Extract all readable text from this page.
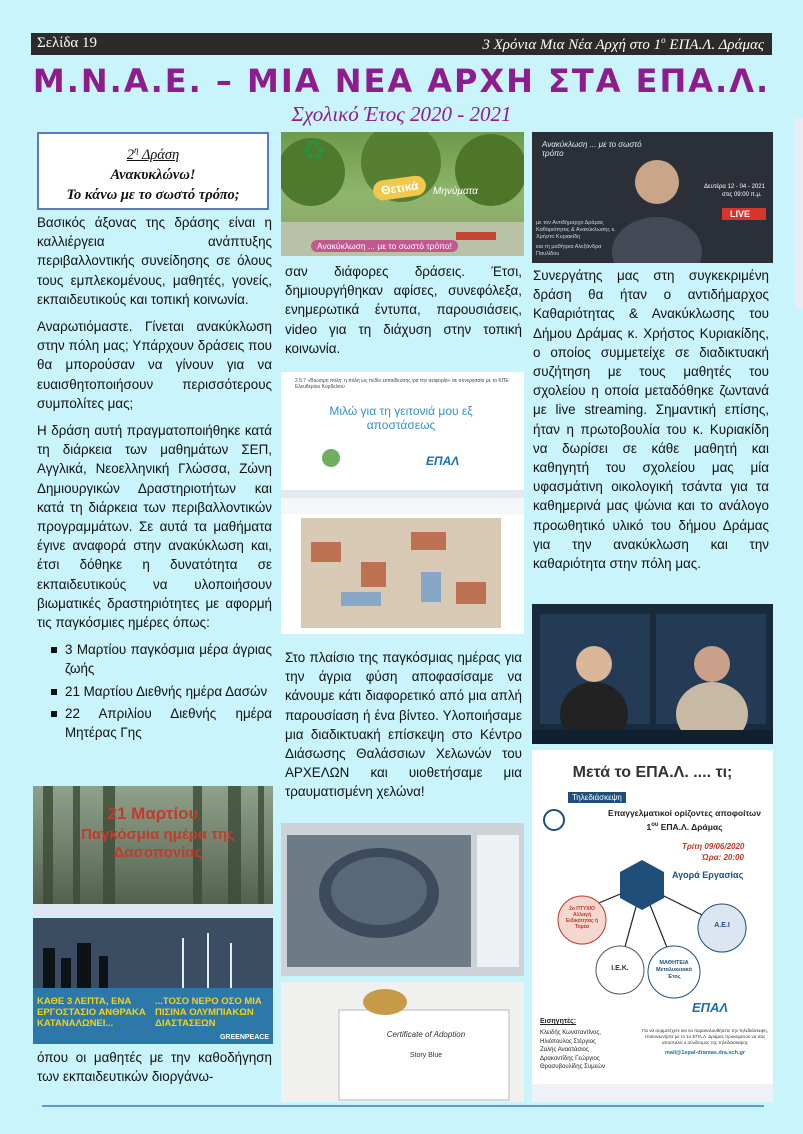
Σελίδα 19	3 Χρόνια Μια Νέα Αρχή στο $1^o$ ΕΠΑ.Λ. Δράμας
Μ.Ν.Α.Ε. – ΜΙΑ ΝΕΑ ΑΡΧΗ ΣΤΑ ΕΠΑ.Λ.
Σχολικό Έτος 2020 - 2021
$2^\eta$ Δράση
Ανακυκλώνω!
Το κάνω με το σωστό τρόπο;

Βασικός άξονας της δράσης είναι η καλλιέργεια ανάπτυξης περιβαλλοντικής συνείδησης σε όλους τους εμπλεκομένους, μαθητές, γονείς, εκπαιδευτικούς και τοπική κοινωνία.

Αναρωτιόμαστε. Γίνεται ανακύκλωση στην πόλη μας; Υπάρχουν δράσεις που θα μπορούσαν να γίνουν για να ευαισθητοποιήσουν περισσότερους συμπολίτες μας;

Η δράση αυτή πραγματοποιήθηκε κατά τη διάρκεια των μαθημάτων ΣΕΠ, Αγγλικά, Νεοελληνική Γλώσσα, Ζώνη Δημιουργικών Δραστηριοτήτων και κατά τη διάρκεια των περιβαλλοντικών προγραμμάτων. Σε αυτά τα μαθήματα έγινε αναφορά στην ανακύκλωση και, έτσι δόθηκε η δυνατότητα σε εκπαιδευτικούς να υλοποιήσουν βιωματικές δραστηριότητες με αφορμή τις παγκόσμιες ημέρες όπως:

3 Μαρτίου παγκόσμια μέρα άγριας ζωής
21 Μαρτίου Διεθνής ημέρα Δασών
22 Απριλίου Διεθνής ημέρα Μητέρας Γης
21 Μαρτίου
Παγκόσμια ημέρα της Δασοπονίας
ΚΑΘΕ 3 ΛΕΠΤΑ, ΕΝΑ ΕΡΓΟΣΤΑΣΙΟ ΑΝΘΡΑΚΑ ΚΑΤΑΝΑΛΩΝΕΙ...
...ΤΟΣΟ ΝΕΡΟ ΟΣΟ ΜΙΑ ΠΙΣΙΝΑ ΟΛΥΜΠΙΑΚΩΝ ΔΙΑΣΤΑΣΕΩΝ
GREENPEACE

όπου οι μαθητές με την καθοδήγηση των εκπαιδευτικών διοργάνω-

♻
Θετικά	Μηνύματα
Ανακύκλωση ... με το σωστό τρόπο!

σαν διάφορες δράσεις. Έτσι, δημιουργήθηκαν αφίσες, συνεφόλεξα, ενημερωτικά έντυπα, παρουσιάσεις, video για τη διάχυση στην τοπική κοινωνία.

2.5.7 «Βιώσιμη πόλη: η πόλη ως πεδίο εκπαίδευσης για την αειφορία» σε συνεργασία με το ΚΠΕ Ελευθερίου Κορδελιού
Μιλώ για τη γειτονιά μου εξ αποστάσεως
ΕΠΑΛ

Στο πλαίσιο της παγκόσμιας ημέρας για την άγρια φύση αποφασίσαμε να κάνουμε κάτι διαφορετικό από μια απλή παρουσίαση ή ένα βίντεο. Υλοποιήσαμε μια διαδικτυακή επίσκεψη στο Κέντρο Διάσωσης Θαλάσσιων Χελωνών του ΑΡΧΕΛΩΝ και υιοθετήσαμε μια τραυματισμένη χελώνα!

Certificate of Adoption
Story Blue
Ανακύκλωση ... με το σωστό τρόπο
Δευτέρα 12 - 04 - 2021
στις 09:00 π.μ.
LIVE
με τον Αντιδήμαρχο Δράμας Καθαριότητας & Ανακύκλωσης κ. Χρήστο Κυριακίδη
και τη μαθήτρια Αλεξάνδρα Παυλίδου

Συνεργάτης μας στη συγκεκριμένη δράση θα ήταν ο αντιδήμαρχος Καθαριότητας & Ανακύκλωσης του Δήμου Δράμας κ. Χρήστος Κυριακίδης, ο οποίος συμμετείχε σε διαδικτυακή συζήτηση με τους μαθητές του σχολείου η οποία μεταδόθηκε ζωντανά με live streaming. Σημαντική επίσης, ήταν η πρωτοβουλία του κ. Κυριακίδη να δωρίσει σε κάθε μαθητή και καθηγητή του σχολείου μας μία υφασμάτινη οικολογική τσάντα για τα καθημερινά μας ψώνια και το ανάλογο προωθητικό υλικό του δήμου Δράμας για την ανακύκλωση και την καθαριότητα στην πόλη μας.

Μετά το ΕΠΑ.Λ. .... τι;
Τηλεδιάσκεψη
Επαγγελματικοί ορίζοντες αποφοίτων
$1^{o\upsilon}$ ΕΠΑ.Λ. Δράμας
Τρίτη 09/06/2020
Ώρα: 20:00
Αγορά Εργασίας
2ο ΠΤΥΧΙΟ Αλλαγή Ειδικότητας ή Τομέα	Α.Ε.Ι
Ι.Ε.Κ.
ΜΑΘΗΤΕΙΑ Μεταλυκειακό Έτος
ΕΠΑΛ
Εισηγητές:
Κλειδής Κωνσταντίνος,
Ηλιόπουλος Στέργιος
Ζαλής Αναστάσιος
Δρακοντίδης Γεώργιος
Θρασυβουλίδης Συμεών
Για να συμμετέχετε και να παρακολουθήσετε την τηλεδιάσκεψη, επικοινωνήστε με το 1ο ΕΠΑ.Λ. Δράμας προκειμένου να σας αποσταλεί ο σύνδεσμος της τηλεδιάσκεψης
mail@1epal-dramas.dra.sch.gr
